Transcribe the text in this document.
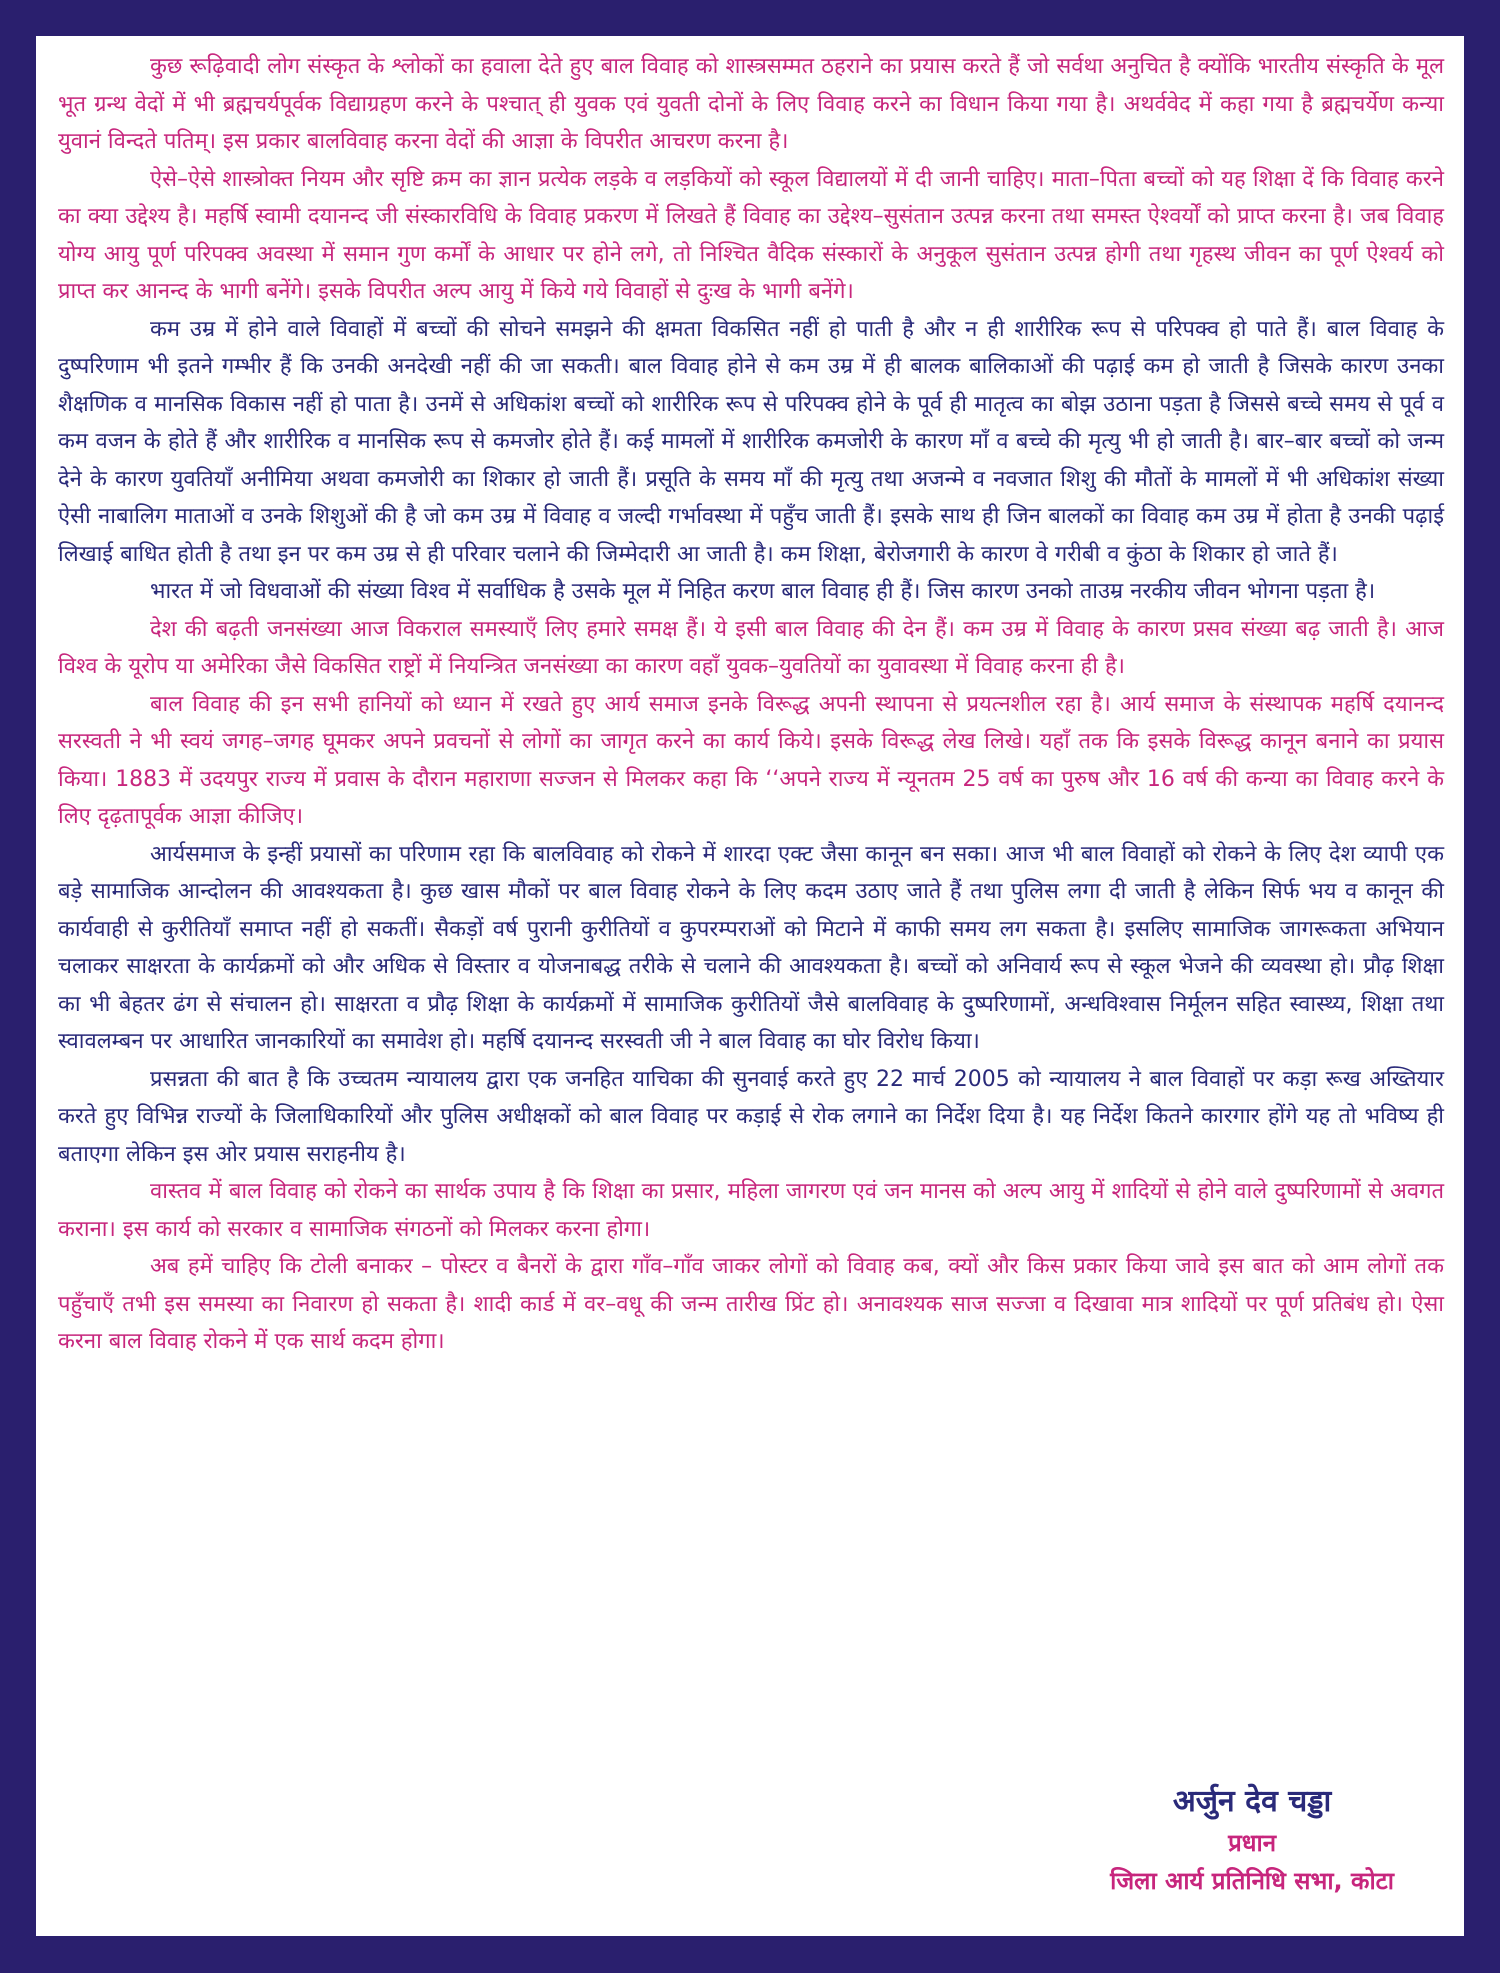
कुछ रूढ़िवादी लोग संस्कृत के श्लोकों का हवाला देते हुए बाल विवाह को शास्त्रसम्मत ठहराने का प्रयास करते हैं जो सर्वथा अनुचित है क्योंकि भारतीय संस्कृति के मूल भूत ग्रन्थ वेदों में भी ब्रह्मचर्यपूर्वक विद्याग्रहण करने के पश्चात् ही युवक एवं युवती दोनों के लिए विवाह करने का विधान किया गया है। अथर्ववेद में कहा गया है ब्रह्मचर्येण कन्या युवानं विन्दते पतिम्। इस प्रकार बालविवाह करना वेदों की आज्ञा के विपरीत आचरण करना है।

ऐसे–ऐसे शास्त्रोक्त नियम और सृष्टि क्रम का ज्ञान प्रत्येक लड़के व लड़कियों को स्कूल विद्यालयों में दी जानी चाहिए। माता–पिता बच्चों को यह शिक्षा दें कि विवाह करने का क्या उद्देश्य है। महर्षि स्वामी दयानन्द जी संस्कारविधि के विवाह प्रकरण में लिखते हैं विवाह का उद्देश्य–सुसंतान उत्पन्न करना तथा समस्त ऐश्वर्यों को प्राप्त करना है। जब विवाह योग्य आयु पूर्ण परिपक्व अवस्था में समान गुण कर्मों के आधार पर होने लगे, तो निश्चित वैदिक संस्कारों के अनुकूल सुसंतान उत्पन्न होगी तथा गृहस्थ जीवन का पूर्ण ऐश्वर्य को प्राप्त कर आनन्द के भागी बनेंगे। इसके विपरीत अल्प आयु में किये गये विवाहों से दुःख के भागी बनेंगे।

कम उम्र में होने वाले विवाहों में बच्चों की सोचने समझने की क्षमता विकसित नहीं हो पाती है और न ही शारीरिक रूप से परिपक्व हो पाते हैं। बाल विवाह के दुष्परिणाम भी इतने गम्भीर हैं कि उनकी अनदेखी नहीं की जा सकती। बाल विवाह होने से कम उम्र में ही बालक बालिकाओं की पढ़ाई कम हो जाती है जिसके कारण उनका शैक्षणिक व मानसिक विकास नहीं हो पाता है। उनमें से अधिकांश बच्चों को शारीरिक रूप से परिपक्व होने के पूर्व ही मातृत्व का बोझ उठाना पड़ता है जिससे बच्चे समय से पूर्व व कम वजन के होते हैं और शारीरिक व मानसिक रूप से कमजोर होते हैं। कई मामलों में शारीरिक कमजोरी के कारण माँ व बच्चे की मृत्यु भी हो जाती है। बार–बार बच्चों को जन्म देने के कारण युवतियाँ अनीमिया अथवा कमजोरी का शिकार हो जाती हैं। प्रसूति के समय माँ की मृत्यु तथा अजन्मे व नवजात शिशु की मौतों के मामलों में भी अधिकांश संख्या ऐसी नाबालिग माताओं व उनके शिशुओं की है जो कम उम्र में विवाह व जल्दी गर्भावस्था में पहुँच जाती हैं। इसके साथ ही जिन बालकों का विवाह कम उम्र में होता है उनकी पढ़ाई लिखाई बाधित होती है तथा इन पर कम उम्र से ही परिवार चलाने की जिम्मेदारी आ जाती है। कम शिक्षा, बेरोजगारी के कारण वे गरीबी व कुंठा के शिकार हो जाते हैं।

भारत में जो विधवाओं की संख्या विश्व में सर्वाधिक है उसके मूल में निहित करण बाल विवाह ही हैं। जिस कारण उनको ताउम्र नरकीय जीवन भोगना पड़ता है।

देश की बढ़ती जनसंख्या आज विकराल समस्याएँ लिए हमारे समक्ष हैं। ये इसी बाल विवाह की देन हैं। कम उम्र में विवाह के कारण प्रसव संख्या बढ़ जाती है। आज विश्व के यूरोप या अमेरिका जैसे विकसित राष्ट्रों में नियन्त्रित जनसंख्या का कारण वहाँ युवक–युवतियों का युवावस्था में विवाह करना ही है।

बाल विवाह की इन सभी हानियों को ध्यान में रखते हुए आर्य समाज इनके विरूद्ध अपनी स्थापना से प्रयत्नशील रहा है। आर्य समाज के संस्थापक महर्षि दयानन्द सरस्वती ने भी स्वयं जगह–जगह घूमकर अपने प्रवचनों से लोगों का जागृत करने का कार्य किये। इसके विरूद्ध लेख लिखे। यहाँ तक कि इसके विरूद्ध कानून बनाने का प्रयास किया। 1883 में उदयपुर राज्य में प्रवास के दौरान महाराणा सज्जन से मिलकर कहा कि ‘‘अपने राज्य में न्यूनतम 25 वर्ष का पुरुष और 16 वर्ष की कन्या का विवाह करने के लिए दृढ़तापूर्वक आज्ञा कीजिए।

आर्यसमाज के इन्हीं प्रयासों का परिणाम रहा कि बालविवाह को रोकने में शारदा एक्ट जैसा कानून बन सका। आज भी बाल विवाहों को रोकने के लिए देश व्यापी एक बड़े सामाजिक आन्दोलन की आवश्यकता है। कुछ खास मौकों पर बाल विवाह रोकने के लिए कदम उठाए जाते हैं तथा पुलिस लगा दी जाती है लेकिन सिर्फ भय व कानून की कार्यवाही से कुरीतियाँ समाप्त नहीं हो सकतीं। सैकड़ों वर्ष पुरानी कुरीतियों व कुपरम्पराओं को मिटाने में काफी समय लग सकता है। इसलिए सामाजिक जागरूकता अभियान चलाकर साक्षरता के कार्यक्रमों को और अधिक से विस्तार व योजनाबद्ध तरीके से चलाने की आवश्यकता है। बच्चों को अनिवार्य रूप से स्कूल भेजने की व्यवस्था हो। प्रौढ़ शिक्षा का भी बेहतर ढंग से संचालन हो। साक्षरता व प्रौढ़ शिक्षा के कार्यक्रमों में सामाजिक कुरीतियों जैसे बालविवाह के दुष्परिणामों, अन्धविश्वास निर्मूलन सहित स्वास्थ्य, शिक्षा तथा स्वावलम्बन पर आधारित जानकारियों का समावेश हो। महर्षि दयानन्द सरस्वती जी ने बाल विवाह का घोर विरोध किया।

प्रसन्नता की बात है कि उच्चतम न्यायालय द्वारा एक जनहित याचिका की सुनवाई करते हुए 22 मार्च 2005 को न्यायालय ने बाल विवाहों पर कड़ा रूख अख्तियार करते हुए विभिन्न राज्यों के जिलाधिकारियों और पुलिस अधीक्षकों को बाल विवाह पर कड़ाई से रोक लगाने का निर्देश दिया है। यह निर्देश कितने कारगार होंगे यह तो भविष्य ही बताएगा लेकिन इस ओर प्रयास सराहनीय है।

वास्तव में बाल विवाह को रोकने का सार्थक उपाय है कि शिक्षा का प्रसार, महिला जागरण एवं जन मानस को अल्प आयु में शादियों से होने वाले दुष्परिणामों से अवगत कराना। इस कार्य को सरकार व सामाजिक संगठनों को मिलकर करना होगा।

अब हमें चाहिए कि टोली बनाकर – पोस्टर व बैनरों के द्वारा गाँव–गाँव जाकर लोगों को विवाह कब, क्यों और किस प्रकार किया जावे इस बात को आम लोगों तक पहुँचाएँ तभी इस समस्या का निवारण हो सकता है। शादी कार्ड में वर–वधू की जन्म तारीख प्रिंट हो। अनावश्यक साज सज्जा व दिखावा मात्र शादियों पर पूर्ण प्रतिबंध हो। ऐसा करना बाल विवाह रोकने में एक सार्थ कदम होगा।

अर्जुन देव चड्डा
प्रधान
जिला आर्य प्रतिनिधि सभा, कोटा
